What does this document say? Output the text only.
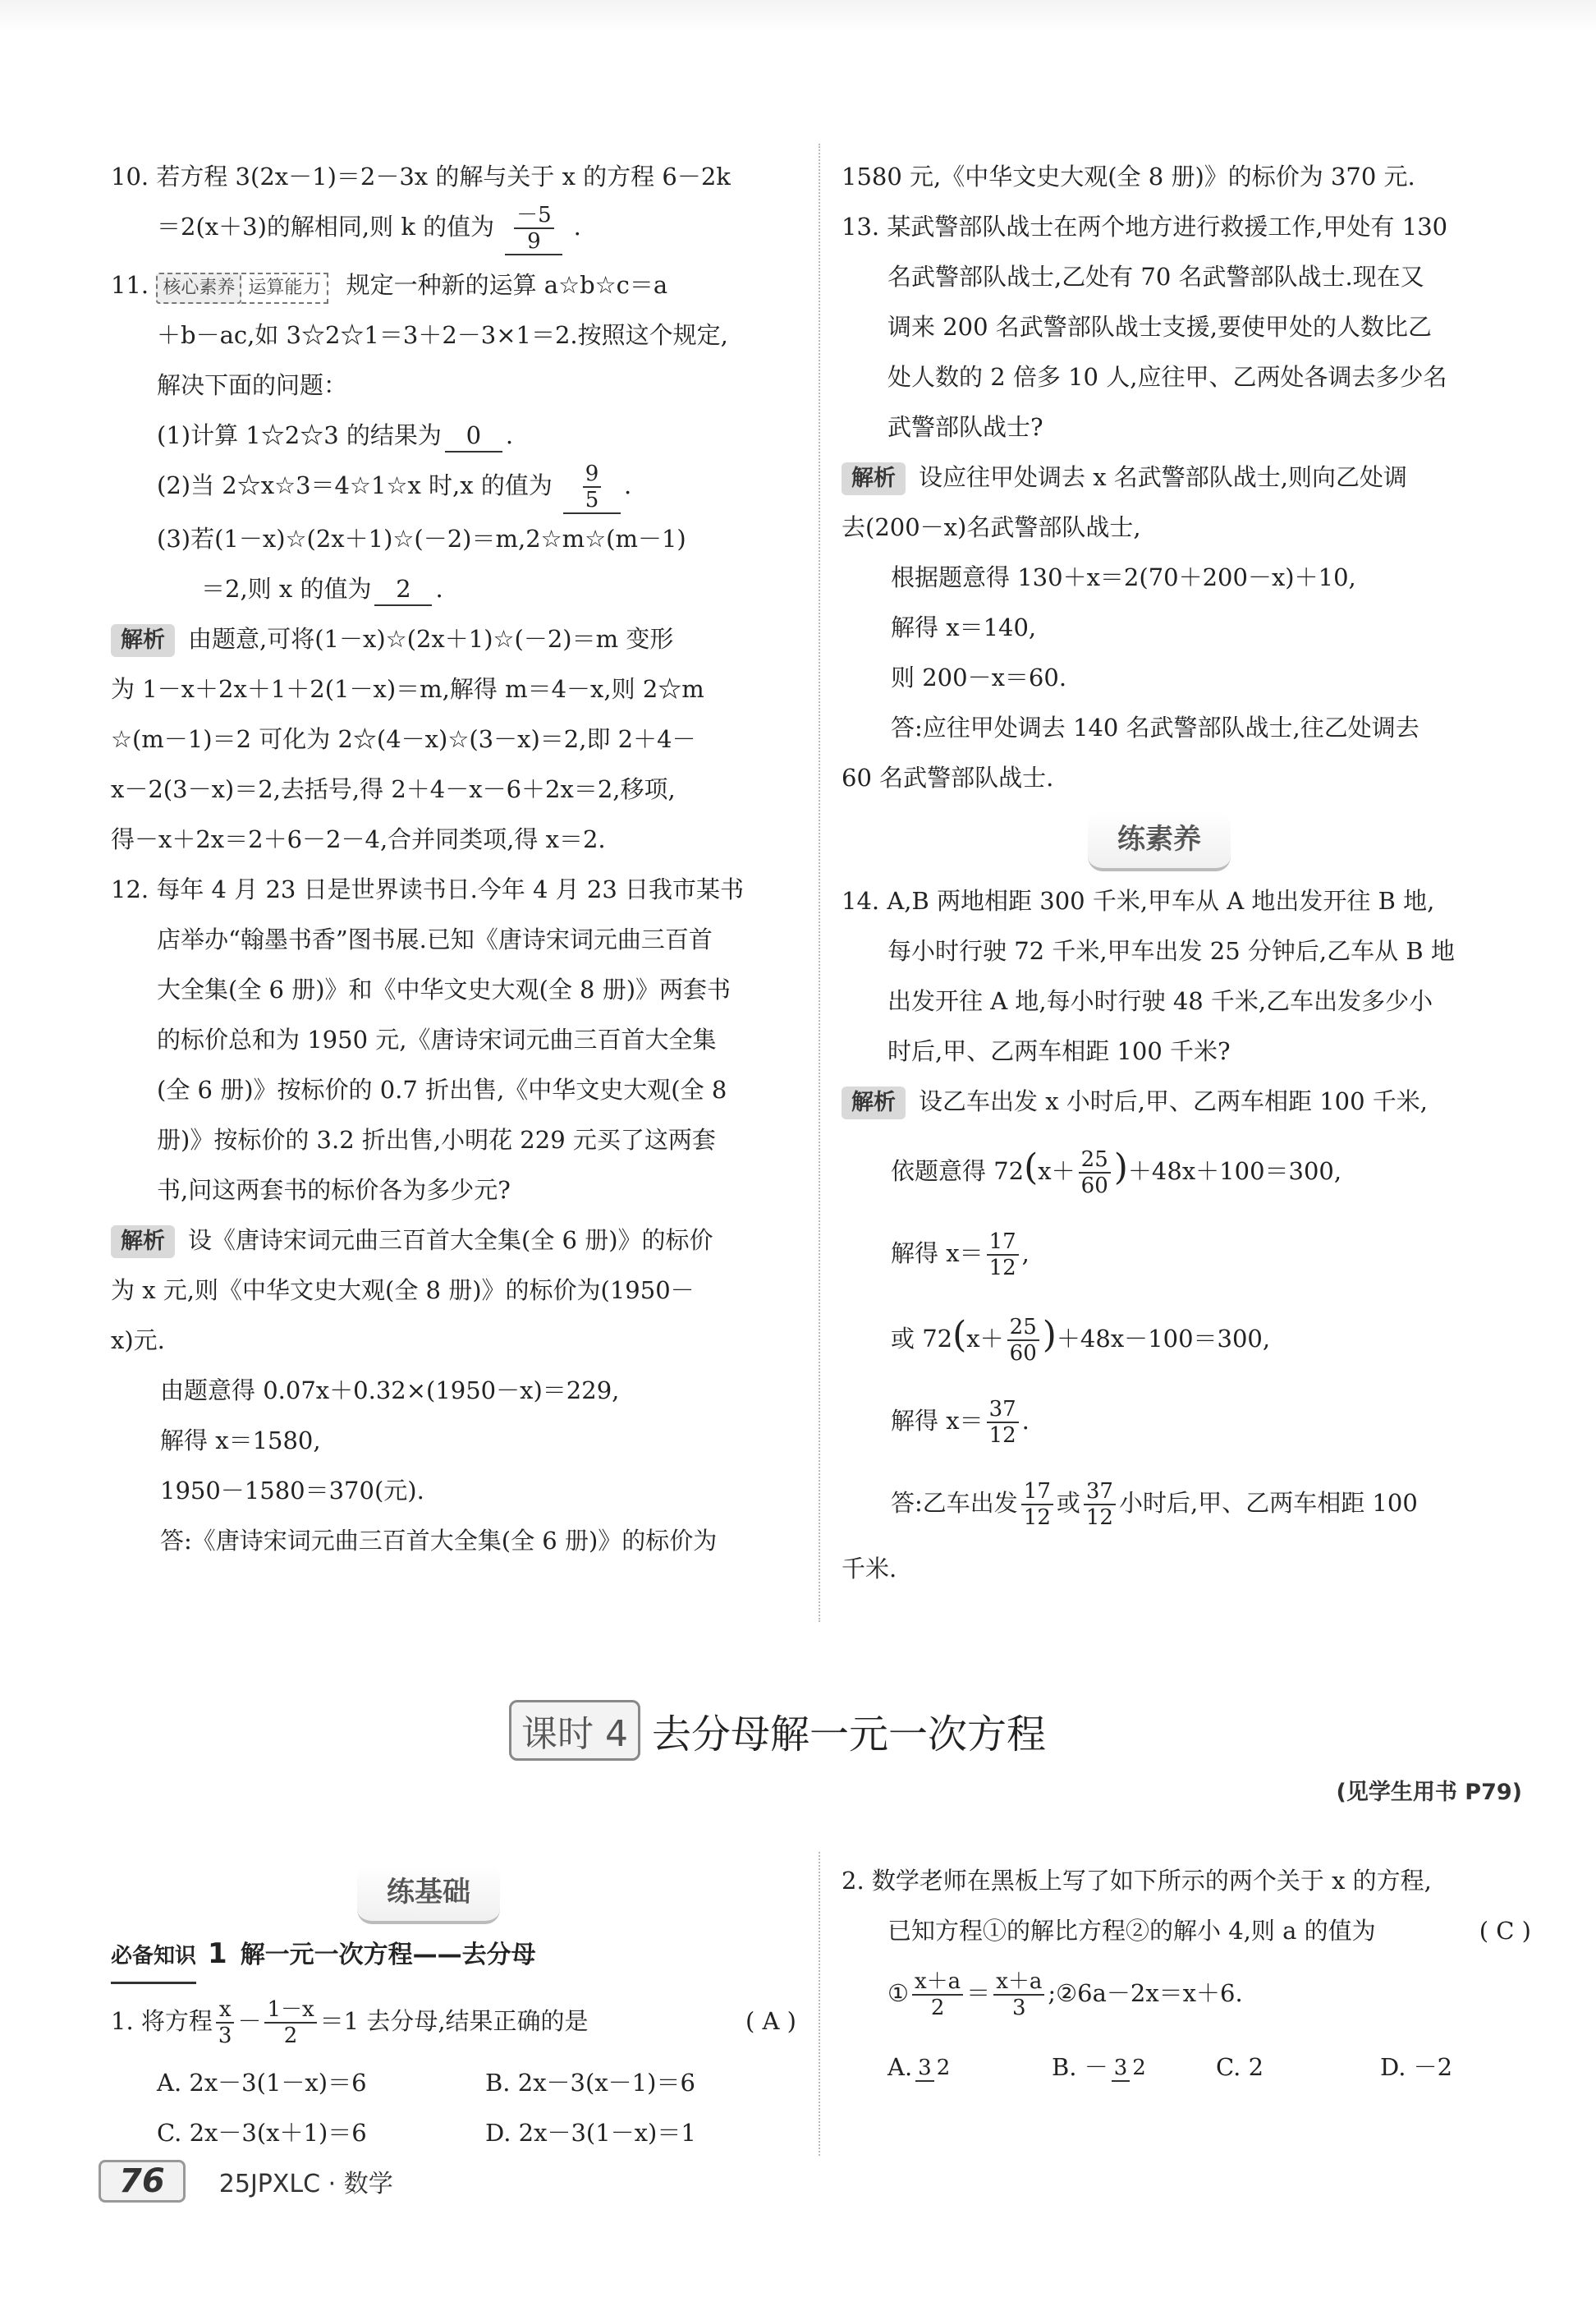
10. 若方程 3(2x－1)＝2－3x 的解与关于 x 的方程 6－2k
＝2(x＋3)的解相同,则 k 的值为 $\frac{-5}{9}$ .
11. 核心素养 运算能力 规定一种新的运算 a☆b☆c＝a
＋b－ac,如 3☆2☆1＝3＋2－3×1＝2.按照这个规定,
解决下面的问题：
(1)计算 1☆2☆3 的结果为 0 .
(2)当 2☆x☆3＝4☆1☆x 时,x 的值为 $\frac{9}{5}$ .
(3)若(1－x)☆(2x＋1)☆(－2)＝m,2☆m☆(m－1)
＝2,则 x 的值为 2 .
解析 由题意,可将(1－x)☆(2x＋1)☆(－2)＝m 变形
为 1－x＋2x＋1＋2(1－x)＝m,解得 m＝4－x,则 2☆m
☆(m－1)＝2 可化为 2☆(4－x)☆(3－x)＝2,即 2＋4－
x－2(3－x)＝2,去括号,得 2＋4－x－6＋2x＝2,移项,
得－x＋2x＝2＋6－2－4,合并同类项,得 x＝2.
12. 每年 4 月 23 日是世界读书日.今年 4 月 23 日我市某书
店举办“翰墨书香”图书展.已知《唐诗宋词元曲三百首
大全集(全 6 册)》和《中华文史大观(全 8 册)》两套书
的标价总和为 1950 元,《唐诗宋词元曲三百首大全集
(全 6 册)》按标价的 0.7 折出售,《中华文史大观(全 8
册)》按标价的 3.2 折出售,小明花 229 元买了这两套
书,问这两套书的标价各为多少元?
解析 设《唐诗宋词元曲三百首大全集(全 6 册)》的标价
为 x 元,则《中华文史大观(全 8 册)》的标价为(1950－
x)元.
由题意得 0.07x＋0.32×(1950－x)＝229,
解得 x＝1580,
1950－1580＝370(元).
答:《唐诗宋词元曲三百首大全集(全 6 册)》的标价为
1580 元,《中华文史大观(全 8 册)》的标价为 370 元.
13. 某武警部队战士在两个地方进行救援工作,甲处有 130
名武警部队战士,乙处有 70 名武警部队战士.现在又
调来 200 名武警部队战士支援,要使甲处的人数比乙
处人数的 2 倍多 10 人,应往甲、乙两处各调去多少名
武警部队战士?
解析 设应往甲处调去 x 名武警部队战士,则向乙处调
去(200－x)名武警部队战士,
根据题意得 130＋x＝2(70＋200－x)＋10,
解得 x＝140,
则 200－x＝60.
答:应往甲处调去 140 名武警部队战士,往乙处调去
60 名武警部队战士.
练素养
14. A,B 两地相距 300 千米,甲车从 A 地出发开往 B 地,
每小时行驶 72 千米,甲车出发 25 分钟后,乙车从 B 地
出发开往 A 地,每小时行驶 48 千米,乙车出发多少小
时后,甲、乙两车相距 100 千米?
解析 设乙车出发 x 小时后,甲、乙两车相距 100 千米,
依题意得 $72(x+ \frac{25}{60} )+48x+100=300$,
解得 $x= \frac{17}{12}$ ,
或 $72(x+ \frac{25}{60} )+48x-100=300$,
解得 $x= \frac{37}{12}$ .
答:乙车出发 $\frac{17}{12}$ 或 $\frac{37}{12}$ 小时后,甲、乙两车相距 100
千米.
课时 4 去分母解一元一次方程
(见学生用书 P79)
练基础
必备知识 1 解一元一次方程——去分母
1. 将方程 $\frac{x}{3} - \frac{1-x}{2} =1$ 去分母,结果正确的是	( A )
A. 2x－3(1－x)＝6	B. 2x－3(x－1)＝6
C. 2x－3(x＋1)＝6	D. 2x－3(1－x)＝1
2. 数学老师在黑板上写了如下所示的两个关于 x 的方程,
已知方程①的解比方程②的解小 4,则 a 的值为	( C )
① $\frac{x+a}{2} = \frac{x+a}{3}$ ;②6a－2x＝x＋6.
A. 3 2	B. － 3 2	C. 2	D. －2
76 25JPXLC · 数学
